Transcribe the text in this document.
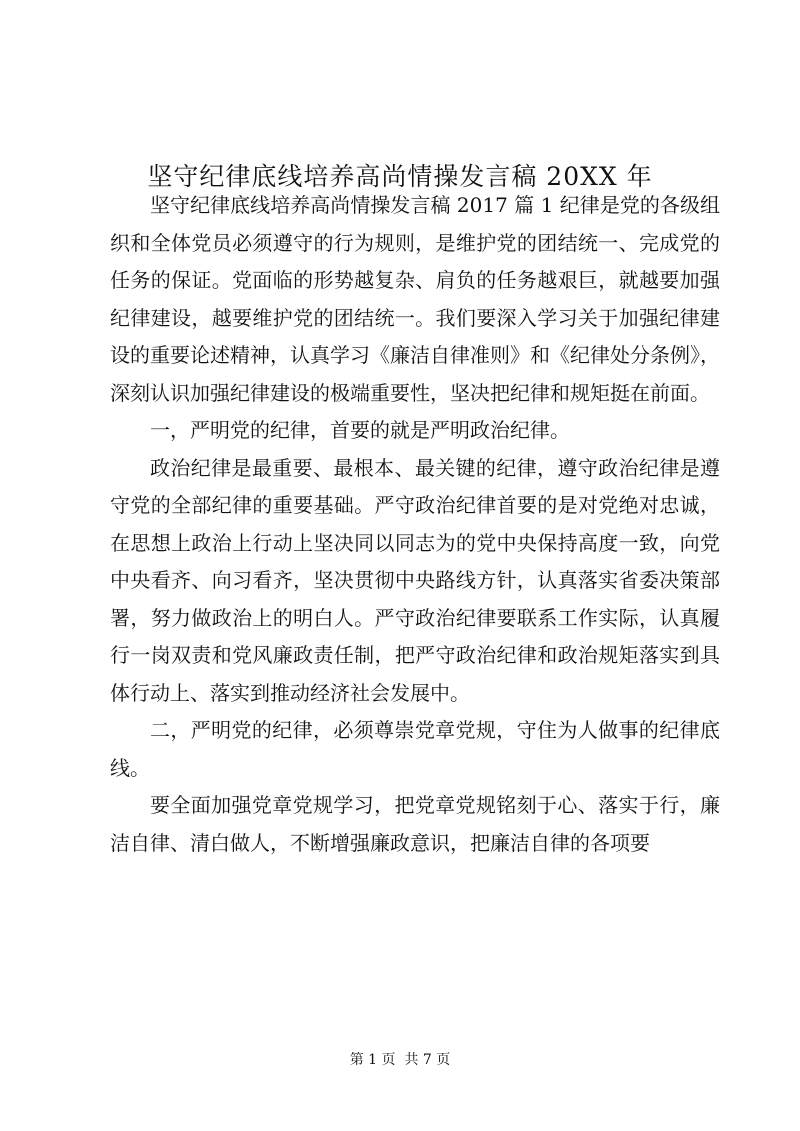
坚守纪律底线培养高尚情操发言稿 20XX 年

坚守纪律底线培养高尚情操发言稿 2017 篇 1 纪律是党的各级组织和全体党员必须遵守的行为规则，是维护党的团结统一、完成党的任务的保证。党面临的形势越复杂、肩负的任务越艰巨，就越要加强纪律建设，越要维护党的团结统一。我们要深入学习关于加强纪律建设的重要论述精神，认真学习《廉洁自律准则》和《纪律处分条例》，深刻认识加强纪律建设的极端重要性，坚决把纪律和规矩挺在前面。

一，严明党的纪律，首要的就是严明政治纪律。

政治纪律是最重要、最根本、最关键的纪律，遵守政治纪律是遵守党的全部纪律的重要基础。严守政治纪律首要的是对党绝对忠诚，在思想上政治上行动上坚决同以同志为的党中央保持高度一致，向党中央看齐、向习看齐，坚决贯彻中央路线方针，认真落实省委决策部署，努力做政治上的明白人。严守政治纪律要联系工作实际，认真履行一岗双责和党风廉政责任制，把严守政治纪律和政治规矩落实到具体行动上、落实到推动经济社会发展中。

二，严明党的纪律，必须尊崇党章党规，守住为人做事的纪律底线。

要全面加强党章党规学习，把党章党规铭刻于心、落实于行，廉洁自律、清白做人，不断增强廉政意识，把廉洁自律的各项要

第 1 页  共 7 页
